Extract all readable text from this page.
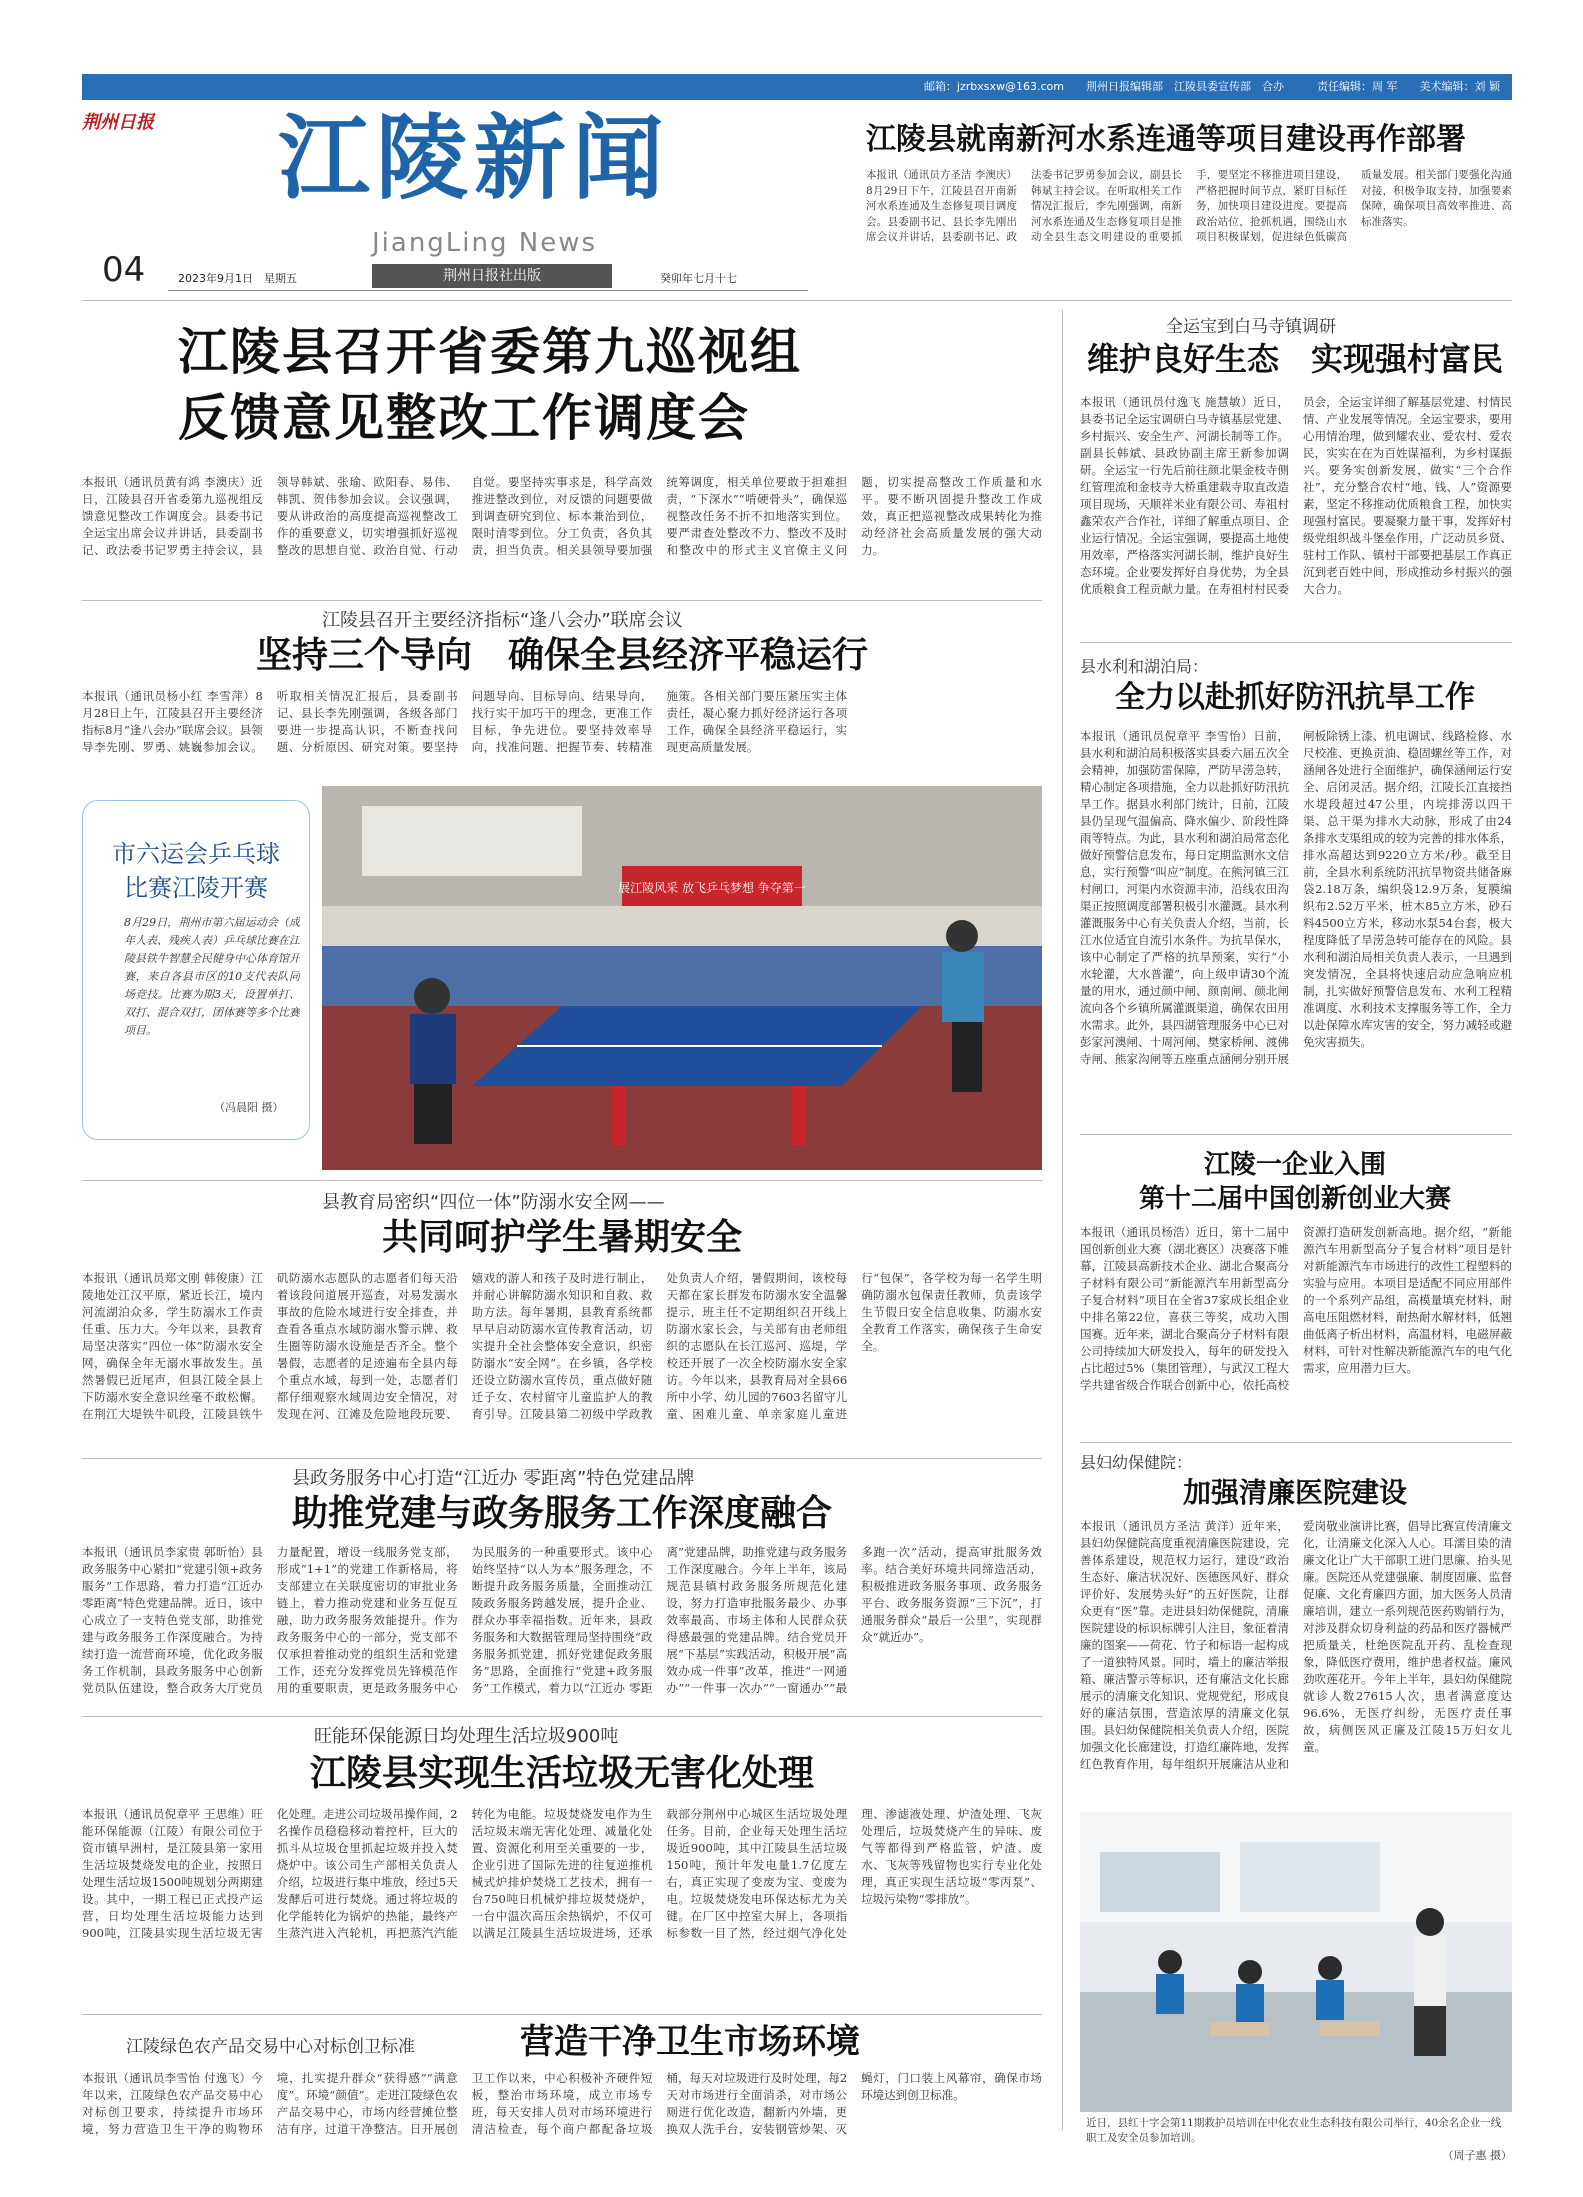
邮箱：jzrbxsxw@163.com　　荆州日报编辑部　江陵县委宣传部　合办　　　责任编辑：周 军　　美术编辑：刘 颖
荆州日报 江陵新闻
JiangLing News
04	2023年9月1日　星期五	荆州日报社出版	癸卯年七月十七
江陵县就南新河水系连通等项目建设再作部署
本报讯（通讯员方圣洁 李澳庆）8月29日下午，江陵县召开南新河水系连通及生态修复项目调度会。县委副书记、县长李先刚出席会议并讲话，县委副书记、政法委书记罗勇参加会议，副县长韩斌主持会议。在听取相关工作情况汇报后，李先刚强调，南新河水系连通及生态修复项目是推动全县生态文明建设的重要抓手，要坚定不移推进项目建设，严格把握时间节点，紧盯目标任务，加快项目建设进度。要提高政治站位，抢抓机遇，围绕山水项目积极谋划，促进绿色低碳高质量发展。相关部门要强化沟通对接，积极争取支持，加强要素保障，确保项目高效率推进、高标准落实。
江陵县召开省委第九巡视组
反馈意见整改工作调度会
本报讯（通讯员黄有鸿 李澳庆）近日，江陵县召开省委第九巡视组反馈意见整改工作调度会。县委书记全运宝出席会议并讲话，县委副书记、政法委书记罗勇主持会议，县领导韩斌、张瑜、欧阳春、易伟、韩凯、贺伟参加会议。会议强调，要从讲政治的高度提高巡视整改工作的重要意义，切实增强抓好巡视整改的思想自觉、政治自觉、行动自觉。要坚持实事求是，科学高效推进整改到位，对反馈的问题要做到调查研究到位、标本兼治到位，限时清零到位。分工负责，各负其责，担当负责。相关县领导要加强统筹调度，相关单位要敢于担难担责，“下深水”“啃硬骨头”，确保巡视整改任务不折不扣地落实到位。要严肃查处整改不力、整改不及时和整改中的形式主义官僚主义问题，切实提高整改工作质量和水平。要不断巩固提升整改工作成效，真正把巡视整改成果转化为推动经济社会高质量发展的强大动力。
全运宝到白马寺镇调研
维护良好生态　实现强村富民
本报讯（通讯员付逸飞 施慧敏）近日，县委书记全运宝调研白马寺镇基层党建、乡村振兴、安全生产、河湖长制等工作。副县长韩斌、县政协副主席王新参加调研。全运宝一行先后前往颜北渠金枝寺侧红管理流和金枝寺大桥重建载寺取直改造项目现场，天顺祥米业有限公司、寿祖村鑫荣农产合作社，详细了解重点项目、企业运行情况。全运宝强调，要提高土地使用效率，严格落实河湖长制，维护良好生态环境。企业要发挥好自身优势，为全县优质粮食工程贡献力量。在寿祖村村民委员会，全运宝详细了解基层党建、村情民情、产业发展等情况。全运宝要求，要用心用情治理，做到耀农业、爱农村、爱农民，实实在在为百姓谋福利，为乡村谋振兴。要务实创新发展，做实“三个合作社”，充分整合农村“地、钱、人”资源要素，坚定不移推动优质粮食工程，加快实现强村富民。要凝聚力量干事，发挥好村级党组织战斗堡垒作用，广泛动员乡贤、驻村工作队、镇村干部要把基层工作真正沉到老百姓中间，形成推动乡村振兴的强大合力。
县水利和湖泊局：
全力以赴抓好防汛抗旱工作
本报讯（通讯员倪章平 李雪怡）日前，县水利和湖泊局积极落实县委六届五次全会精神，加强防雷保障，严防早涝急转，精心制定各项措施，全力以赴抓好防汛抗旱工作。据县水利部门统计，日前，江陵县仍呈现气温偏高、降水偏少、阶段性降雨等特点。为此，县水利和湖泊局常态化做好预警信息发布，每日定期监测水文信息，实行预警“叫应”制度。在熊河镇三江村闸口，河渠内水资源丰沛，沿线农田沟渠正按照调度部署积极引水灌溉。县水利灌溉服务中心有关负责人介绍，当前，长江水位适宜自流引水条件。为抗旱保水，该中心制定了严格的抗旱预案，实行“小水轮灌，大水普灌”，向上级申请30个流量的用水，通过颜中闸、颜南闸、颜北闸流向各个乡镇所属灌溉渠道，确保农田用水需求。此外，县四湖管理服务中心已对彭家河澳闸、十周河闸、樊家桥闸、渡佛寺闸、熊家沟闸等五座重点涵闸分别开展闸板除锈上漆、机电调试、线路检修、水尺校准、更换贡油、稳固螺丝等工作，对涵闸各处进行全面维护，确保涵闸运行安全、启闭灵活。据介绍，江陵长江直接挡水堤段超过47公里，内垸排涝以四干渠、总干渠为排水大动脉，形成了由24条排水支渠组成的较为完善的排水体系，排水高超达到9220立方米/秒。截至目前，全县水利系统防汛抗旱物资共储备麻袋2.18万条，编织袋12.9万条，复膜编织布2.52万平米，桩木85立方米，砂石料4500立方米，移动水泵54台套，极大程度降低了旱涝急转可能存在的风险。县水利和湖泊局相关负责人表示，一旦遇到突发情况，全县将快速启动应急响应机制，扎实做好预警信息发布、水利工程精准调度、水利技术支撑服务等工作，全力以赴保障水库灾害的安全，努力减轻或避免灾害损失。
江陵县召开主要经济指标“逢八会办”联席会议
坚持三个导向　确保全县经济平稳运行
本报讯（通讯员杨小红 李雪萍）8月28日上午，江陵县召开主要经济指标8月“逢八会办”联席会议。县领导李先刚、罗勇、姚巍参加会议。听取相关情况汇报后，县委副书记、县长李先刚强调，各级各部门要进一步提高认识，不断查找问题、分析原因、研究对策。要坚持问题导向、目标导向、结果导向，找行实干加巧干的理念，更准工作目标，争先进位。要坚持效率导向，找准问题、把握节奏、转精准施策。各相关部门要压紧压实主体责任，凝心聚力抓好经济运行各项工作，确保全县经济平稳运行，实现更高质量发展。
市六运会乒乓球
比赛江陵开赛
8月29日，荆州市第六届运动会（成年人表、残疾人表）乒乓球比赛在江陵县铁牛智慧全民健身中心体育馆开赛，来自各县市区的10支代表队同场竞技。比赛为期3天，设置单打、双打、混合双打，团体赛等多个比赛项目。
（冯晨阳 摄）
展江陵风采 放飞乒乓梦想 争夺第一
县教育局密织“四位一体”防溺水安全网——
共同呵护学生暑期安全
本报讯（通讯员郑文刚 韩俊康）江陵地处江汉平原，紧近长江，境内河流湖泊众多，学生防溺水工作责任重、压力大。今年以来，县教育局坚决落实“四位一体”防溺水安全网，确保全年无溺水事故发生。虽然暑假已近尾声，但县江陵全县上下防溺水安全意识丝毫不敢松懈。在荆江大堤铁牛矶段，江陵县铁牛矶防溺水志愿队的志愿者们每天沿着该段问道展开巡查，对易发溺水事故的危险水域进行安全排查，并查看各重点水域防溺水警示牌、救生圈等防溺水设施是否齐全。整个暑假，志愿者的足迹遍布全县内每个重点水域，每到一处，志愿者们都仔细观察水域周边安全情况，对发现在河、江滩及危险地段玩要、嬉戏的游人和孩子及时进行制止，并耐心讲解防溺水知识和自救、救助方法。每年暑期，县教育系统都早早启动防溺水宣传教育活动，切实提升全社会整体安全意识，织密防溺水“安全网”。在乡镇，各学校还设立防溺水宣传员，重点做好随迁子女、农村留守儿童监护人的教育引导。江陵县第二初级中学政教处负责人介绍，暑假期间，该校每天都在家长群发布防溺水安全温馨提示，班主任不定期组织召开线上防溺水家长会，与关部有由老师组织的志愿队在长江巡河、巡堤，学校还开展了一次全校防溺水安全家访。今年以来，县教育局对全县66所中小学、幼儿园的7603名留守儿童、困难儿童、单亲家庭儿童进行“包保”，各学校为每一名学生明确防溺水包保责任教师，负责该学生节假日安全信息收集、防溺水安全教育工作落实，确保孩子生命安全。
江陵一企业入围
第十二届中国创新创业大赛
本报讯（通讯员杨浩）近日，第十二届中国创新创业大赛（湖北赛区）决赛落下帷幕，江陵县高新技术企业、湖北合聚高分子材料有限公司“新能源汽车用新型高分子复合材料”项目在全省37家成长组企业中排名第22位，喜获三等奖，成功入围国赛。近年来，湖北合聚高分子材料有限公司持续加大研发投入，每年的研发投入占比超过5%（集团管理），与武汉工程大学共建省级合作联合创新中心，依托高校资源打造研发创新高地。据介绍，“新能源汽车用新型高分子复合材料”项目是针对新能源汽车市场进行的改性工程塑料的实验与应用。本项目是适配不同应用部件的一个系列产品组，高模量填充材料，耐高电压阻燃材料，耐热耐水解材料，低翘曲低离子析出材料，高温材料，电磁屏蔽材料，可针对性解决新能源汽车的电气化需求，应用潜力巨大。
县政务服务中心打造“江近办 零距离”特色党建品牌
助推党建与政务服务工作深度融合
本报讯（通讯员李家贵 郭昕怡）县政务服务中心紧扣“党建引领+政务服务”工作思路，着力打造“江近办 零距离”特色党建品牌。近日，该中心成立了一支特色党支部，助推党建与政务服务工作深度融合。为持续打造一流营商环境，优化政务服务工作机制，县政务服务中心创新党员队伍建设，整合政务大厅党员力量配置，增设一线服务党支部，形成“1+1”的党建工作新格局，将支部建立在关联度密切的审批业务链上，着力推动党建和业务互促互融，助力政务服务效能提升。作为政务服务中心的一部分，党支部不仅承担着推动党的组织生活和党建工作，还充分发挥党员先锋模范作用的重要职责，更是政务服务中心为民服务的一种重要形式。该中心始终坚持“以人为本”服务理念，不断提升政务服务质量，全面推动江陵政务服务跨越发展，提升企业、群众办事幸福指数。近年来，县政务服务和大数据管理局坚持围绕“政务服务抓党建，抓好党建促政务服务”思路，全面推行“党建+政务服务”工作模式，着力以“江近办 零距离”党建品牌，助推党建与政务服务工作深度融合。今年上半年，该局规范县镇村政务服务所规范化建设，努力打造审批服务最少、办事效率最高、市场主体和人民群众获得感最强的党建品牌。结合党员开展“下基层”实践活动，积极开展“高效办成一件事”改革，推进“一网通办”“一件事一次办”“一窗通办”“最多跑一次”活动，提高审批服务效率。结合美好环境共同缔造活动，积极推进政务服务事项、政务服务平台、政务服务资源“三下沉”，打通服务群众“最后一公里”，实现群众“就近办”。
县妇幼保健院：
加强清廉医院建设
本报讯（通讯员方圣洁 黄洋）近年来，县妇幼保健院高度重视清廉医院建设，完善体系建设，规范权力运行，建设“政治生态好、廉洁状况好、医德医风好、群众评价好、发展势头好”的五好医院，让群众更有“医”靠。走进县妇幼保健院，清廉医院建设的标识标牌引人注目，象征着清廉的图案——荷花、竹子和标语一起构成了一道独特风景。同时，墙上的廉洁举报箱、廉洁警示等标识，还有廉洁文化长廊展示的清廉文化知识、党规党纪，形成良好的廉洁氛围，营造浓厚的清廉文化氛围。县妇幼保健院相关负责人介绍，医院加强文化长廊建设，打造红廉阵地，发挥红色教育作用，每年组织开展廉洁从业和爱岗敬业演讲比赛，倡导比赛宣传清廉文化，让清廉文化深入人心。耳濡目染的清廉文化让广大干部职工进门思廉、抬头见廉。医院还从党建强廉、制度固廉、监督促廉、文化育廉四方面，加大医务人员清廉培训，建立一系列规范医药购销行为，对涉及群众切身利益的药品和医疗器械严把质量关，杜绝医院乱开药、乱检查现象，降低医疗费用，维护患者权益。廉风劲吹莲花开。今年上半年，县妇幼保健院就诊人数27615人次，患者满意度达96.6%，无医疗纠纷，无医疗责任事故，病侧医风正廉及江陵15万妇女儿童。
旺能环保能源日均处理生活垃圾900吨
江陵县实现生活垃圾无害化处理
本报讯（通讯员倪章平 王思维）旺能环保能源（江陵）有限公司位于资市镇早洲村，是江陵县第一家用生活垃圾焚烧发电的企业，按照日处理生活垃圾1500吨规划分两期建设。其中，一期工程已正式投产运营，日均处理生活垃圾能力达到900吨，江陵县实现生活垃圾无害化处理。走进公司垃圾吊操作间，2名操作员稳稳移动着控杆，巨大的抓斗从垃圾仓里抓起垃圾并投入焚烧炉中。该公司生产部相关负责人介绍，垃圾进行集中堆放，经过5天发酵后可进行焚烧。通过将垃圾的化学能转化为锅炉的热能，最终产生蒸汽进入汽轮机，再把蒸汽汽能转化为电能。垃圾焚烧发电作为生活垃圾末端无害化处理、减量化处置、资源化利用至关重要的一步，企业引进了国际先进的往复逆推机械式炉排炉焚烧工艺技术，拥有一台750吨日机械炉排垃圾焚烧炉，一台中温次高压余热锅炉，不仅可以满足江陵县生活垃圾进场，还承载部分荆州中心城区生活垃圾处理任务。目前，企业每天处理生活垃圾近900吨，其中江陵县生活垃圾150吨，预计年发电量1.7亿度左右，真正实现了变废为宝、变废为电。垃圾焚烧发电环保达标尤为关键。在厂区中控室大屏上，各项指标参数一目了然，经过烟气净化处理、渗滤液处理、炉渣处理、飞灰处理后，垃圾焚烧产生的异味、废气等都得到严格监管，炉渣、废水、飞灰等残留物也实行专业化处理，真正实现生活垃圾“零丙泵”、垃圾污染物“零排放”。
近日，县红十字会第11期救护员培训在中化农业生态科技有限公司举行，40余名企业一线职工及安全员参加培训。
（周子惠 摄）
江陵绿色农产品交易中心对标创卫标准	营造干净卫生市场环境
本报讯（通讯员李雪怡 付逸飞）今年以来，江陵绿色农产品交易中心对标创卫要求，持续提升市场环境，努力营造卫生干净的购物环境，扎实提升群众“获得感”“满意度”。环境“颜值”。走进江陵绿色农产品交易中心，市场内经营摊位整洁有序，过道干净整洁。日开展创卫工作以来，中心积极补齐硬件短板，整治市场环境，成立市场专班，每天安排人员对市场环境进行清洁检查，每个商户都配备垃圾桶，每天对垃圾进行及时处理，每2天对市场进行全面消杀，对市场公厕进行优化改造，翻新内外墙，更换双人洗手台，安装钢管炒架、灭蝇灯，门口装上风幕帘，确保市场环境达到创卫标准。
